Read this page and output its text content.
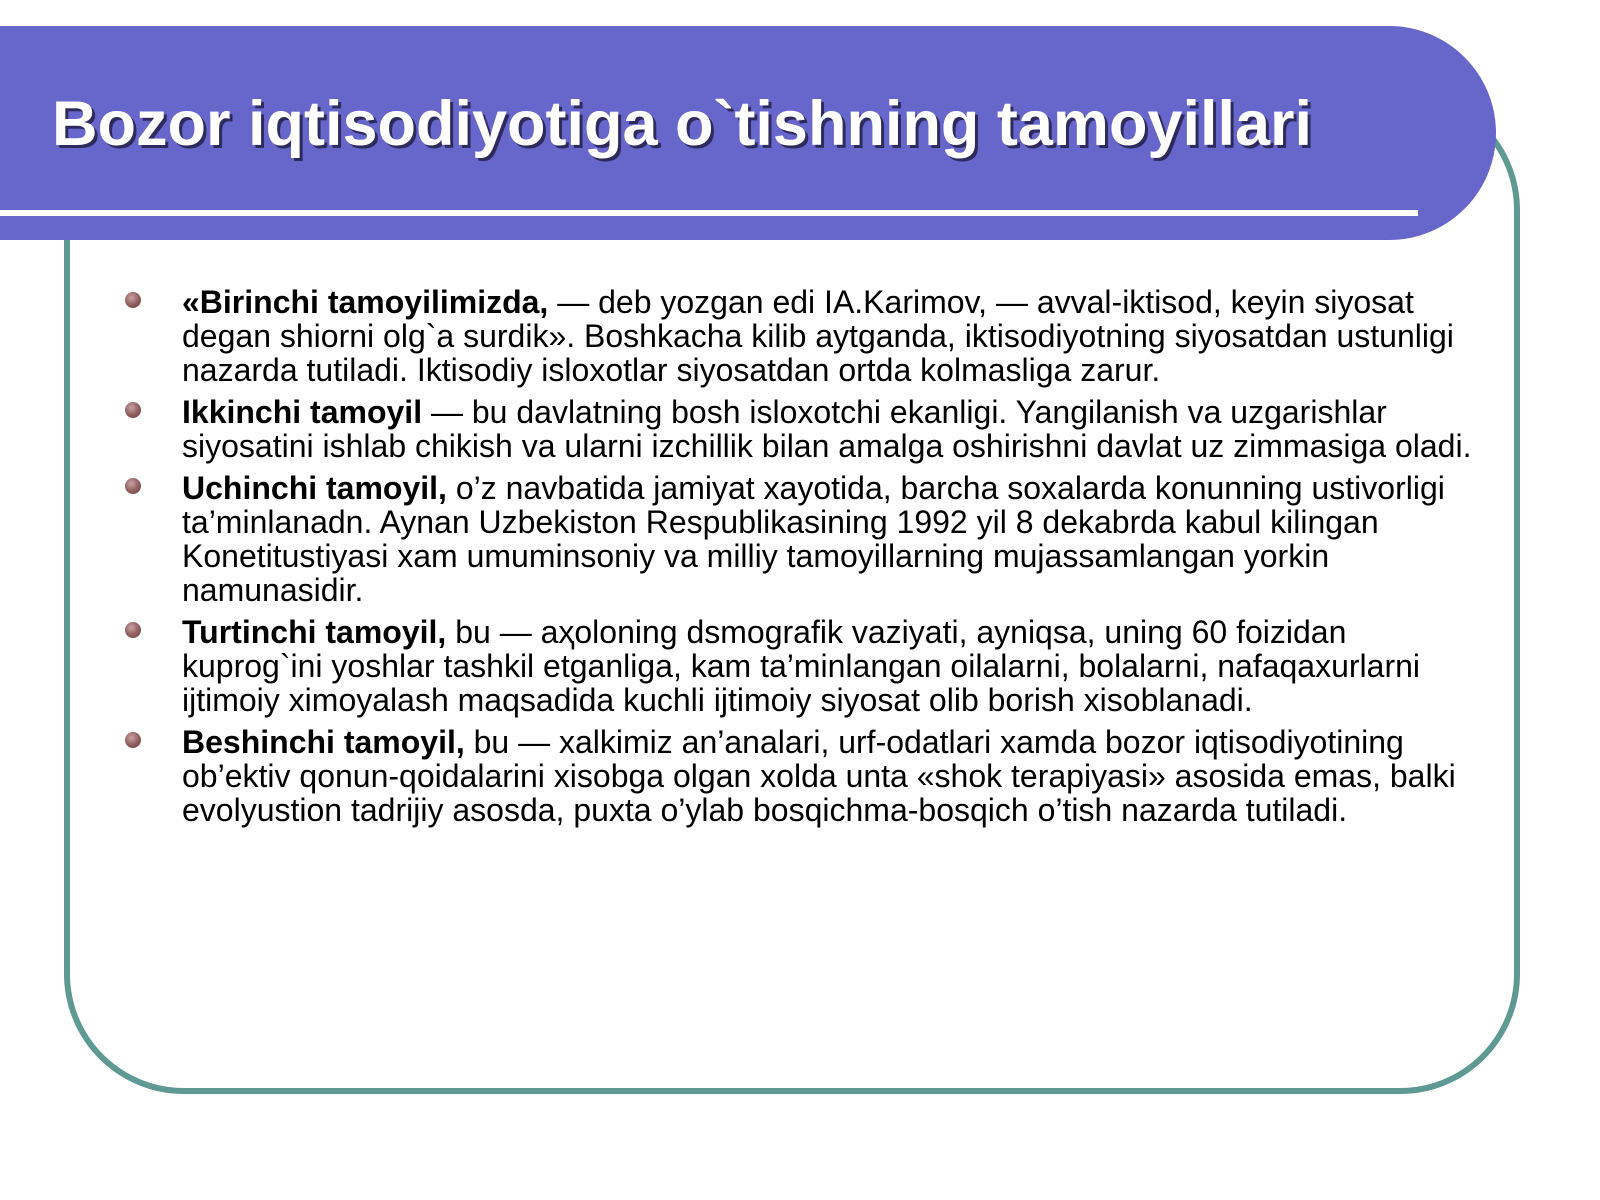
Bozor iqtisodiyotiga o`tishning tamoyillari
«Birinchi tamoyilimizda, — deb yozgan edi IA.Karimov, — avval-iktisod, keyin siyosat degan shiorni olg`a surdik». Boshkacha kilib aytganda, iktisodiyotning siyosatdan ustunligi nazarda tutiladi. Iktisodiy isloxotlar siyosatdan ortda kolmasliga zarur.
Ikkinchi tamoyil — bu davlatning bosh isloxotchi ekanligi. Yangilanish va uzgarishlar siyosatini ishlab chikish va ularni izchillik bilan amalga oshirishni davlat uz zimmasiga oladi.
Uchinchi tamoyil, o’z navbatida jamiyat xayotida, barcha soxalarda konunning ustivorligi ta’minlanadn. Aynan Uzbekiston Respublikasining 1992 yil 8 dekabrda kabul kilingan Konetitustiyasi xam umuminsoniy va milliy tamoyillarning mujassamlangan yorkin namunasidir.
Turtinchi tamoyil, bu — aҳolоning dsmografik vaziyati, ayniqsa, uning 60 foizidan kuprog`ini yoshlar tashkil etganligа, kam ta’minlangan oilalarni, bolalarni, nafaqaxurlarni ijtimoiy ximoyalash maqsadida kuchli ijtimoiy siyosat olib borish xisoblanadi.
Beshinchi tamoyil, bu — xalkimiz an’analari, urf-odatlari xamda bozor iqtisodiyotining ob’ektiv qonun-qoidalarini xisobga olgan xolda unta «shok terapiyasi» asosida emas, balki evolyustion tadrijiy asosda, puxta o’ylab bosqichma-bosqich o’tish nazarda tutiladi.
